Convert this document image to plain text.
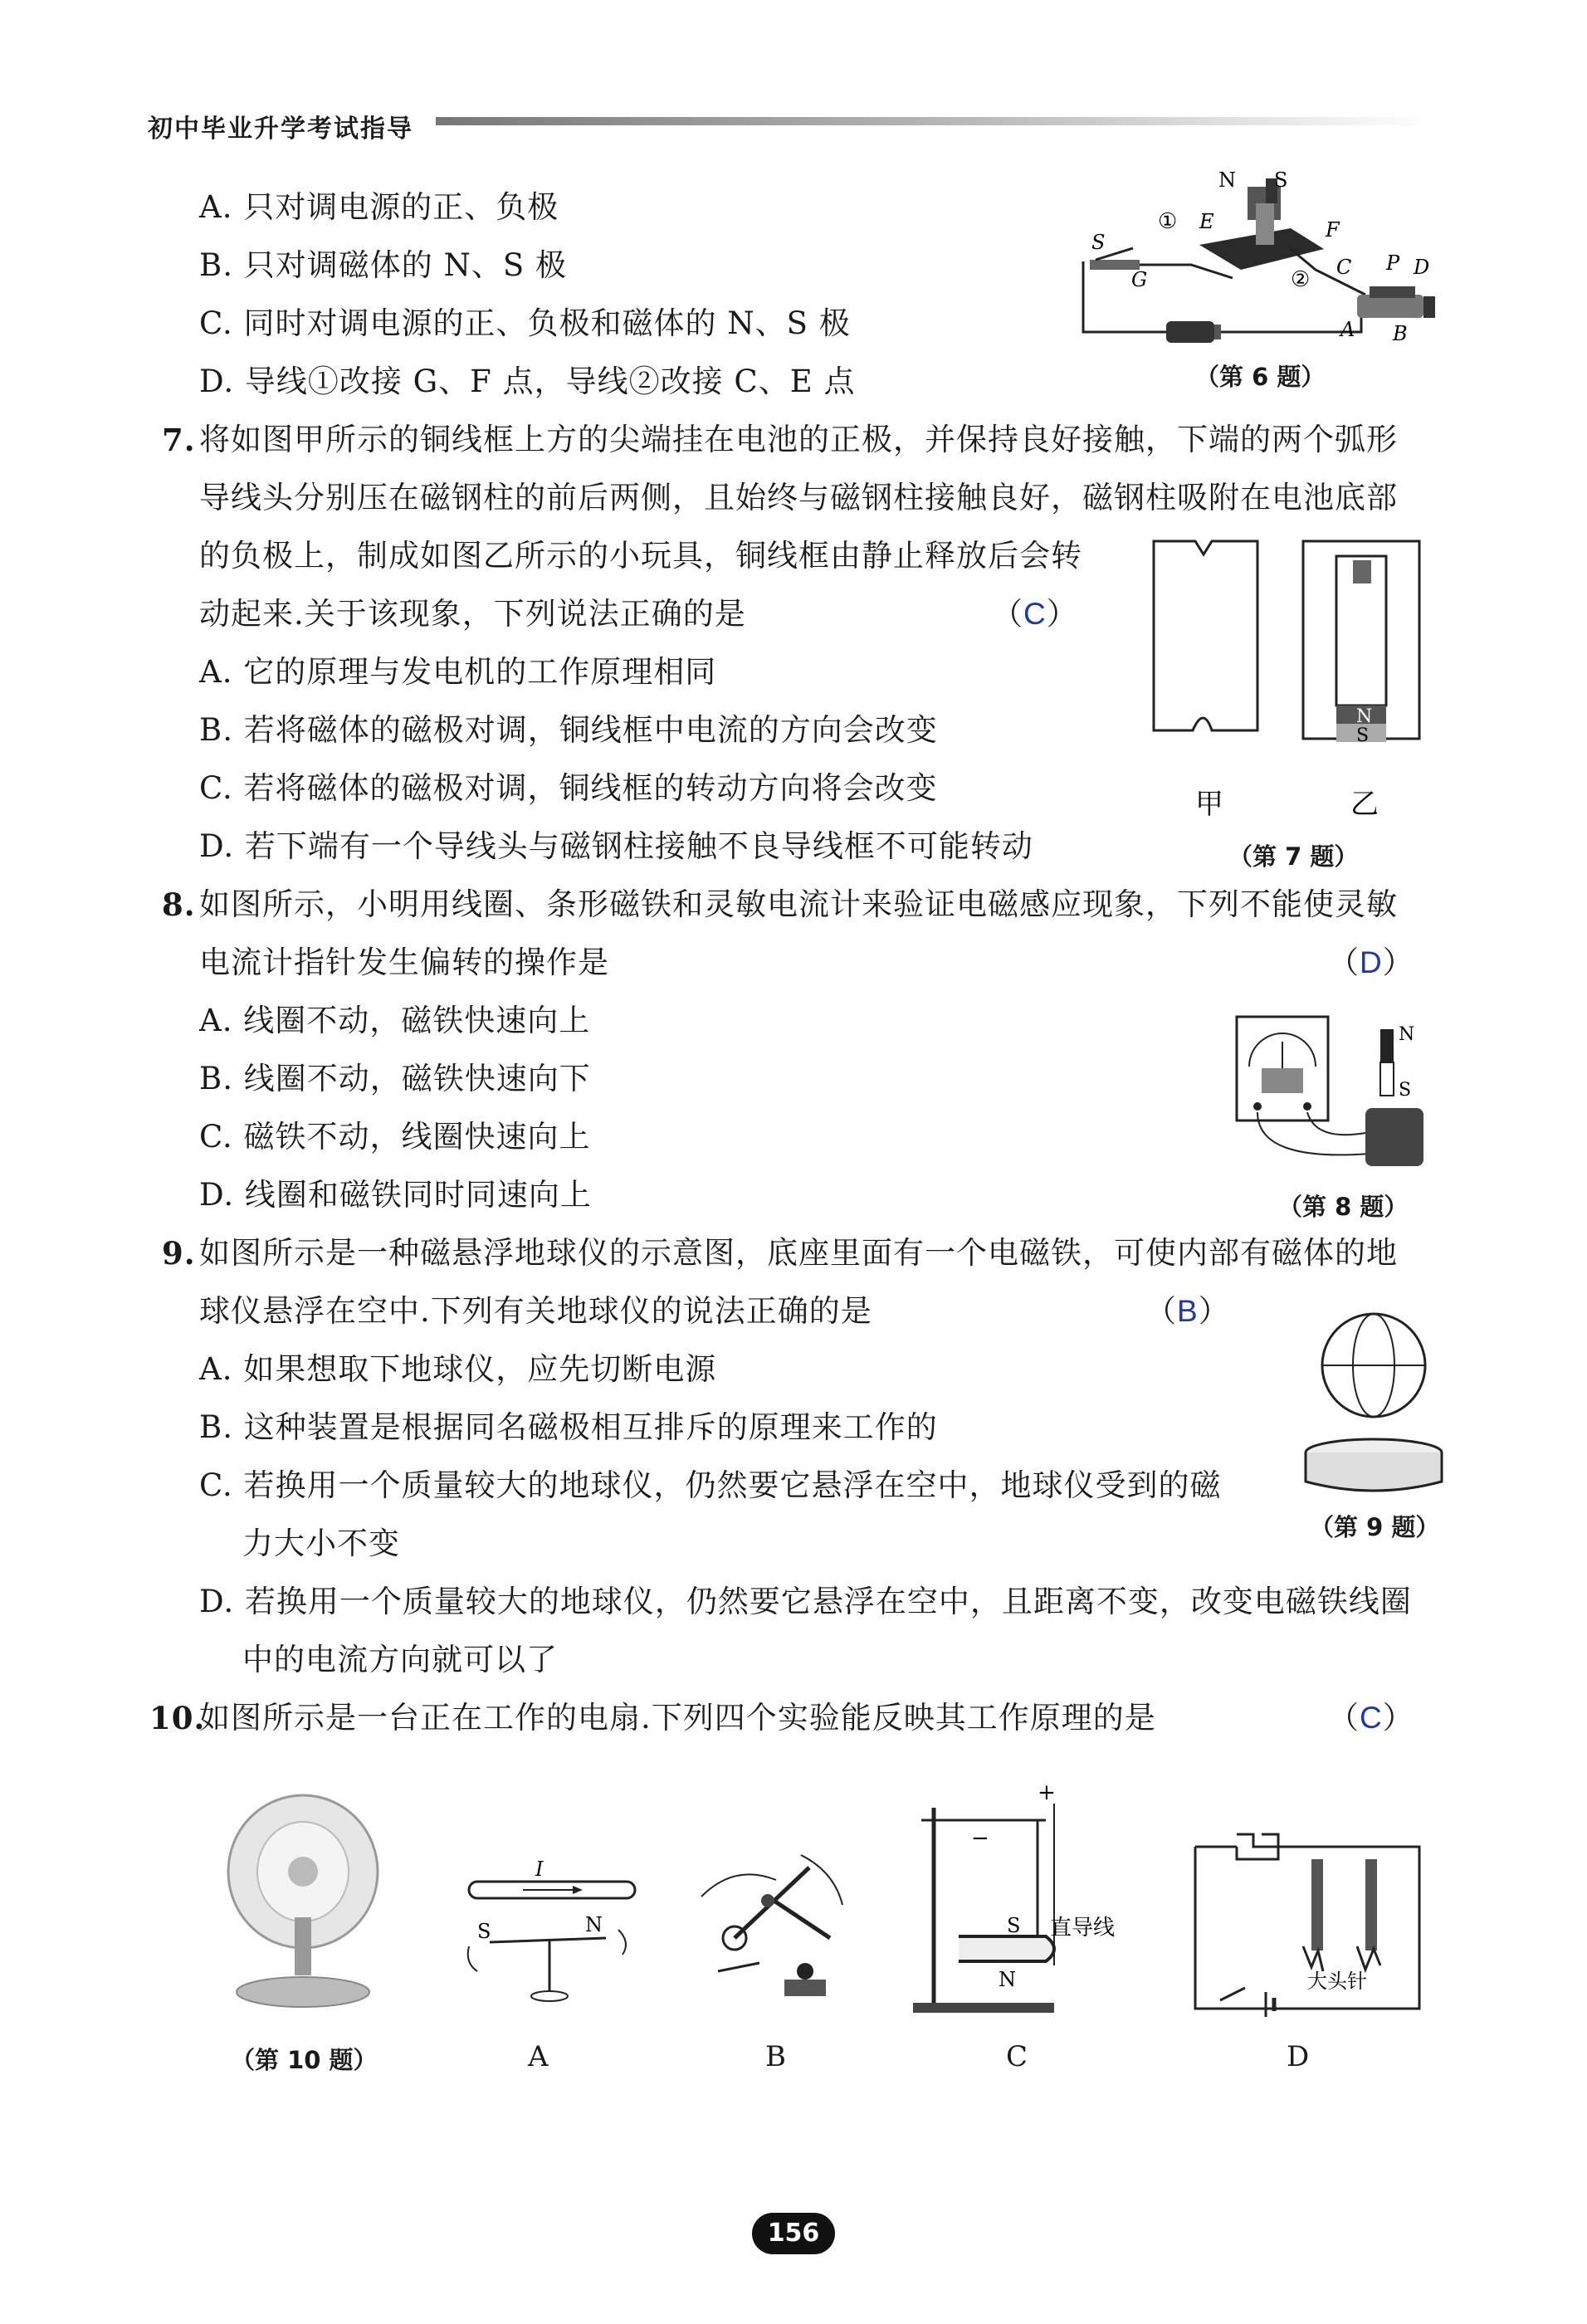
初中毕业升学考试指导
A. 只对调电源的正、负极
B. 只对调磁体的 N、S 极
C. 同时对调电源的正、负极和磁体的 N、S 极
D. 导线①改接 G、F 点，导线②改接 C、E 点
N S
① E	F
② C P D
A B
G
S
（第 6 题）
7. 将如图甲所示的铜线框上方的尖端挂在电池的正极，并保持良好接触，下端的两个弧形
导线头分别压在磁钢柱的前后两侧，且始终与磁钢柱接触良好，磁钢柱吸附在电池底部
的负极上，制成如图乙所示的小玩具，铜线框由静止释放后会转
动起来.关于该现象，下列说法正确的是	（C）
A. 它的原理与发电机的工作原理相同
B. 若将磁体的磁极对调，铜线框中电流的方向会改变
C. 若将磁体的磁极对调，铜线框的转动方向将会改变
D. 若下端有一个导线头与磁钢柱接触不良导线框不可能转动
N
S
甲	乙
（第 7 题）
8. 如图所示，小明用线圈、条形磁铁和灵敏电流计来验证电磁感应现象，下列不能使灵敏
电流计指针发生偏转的操作是	（D）
A. 线圈不动，磁铁快速向上
B. 线圈不动，磁铁快速向下
C. 磁铁不动，线圈快速向上
D. 线圈和磁铁同时同速向上
N
S
（第 8 题）
9. 如图所示是一种磁悬浮地球仪的示意图，底座里面有一个电磁铁，可使内部有磁体的地
球仪悬浮在空中.下列有关地球仪的说法正确的是	（B）
A. 如果想取下地球仪，应先切断电源
B. 这种装置是根据同名磁极相互排斥的原理来工作的
C. 若换用一个质量较大的地球仪，仍然要它悬浮在空中，地球仪受到的磁
力大小不变
D. 若换用一个质量较大的地球仪，仍然要它悬浮在空中，且距离不变，改变电磁铁线圈
中的电流方向就可以了
（第 9 题）
10.
如图所示是一台正在工作的电扇.下列四个实验能反映其工作原理的是	（C）
（第 10 题）
I
S	N
A	B
+
−
S
N
直导线
C
大头针
D
156
